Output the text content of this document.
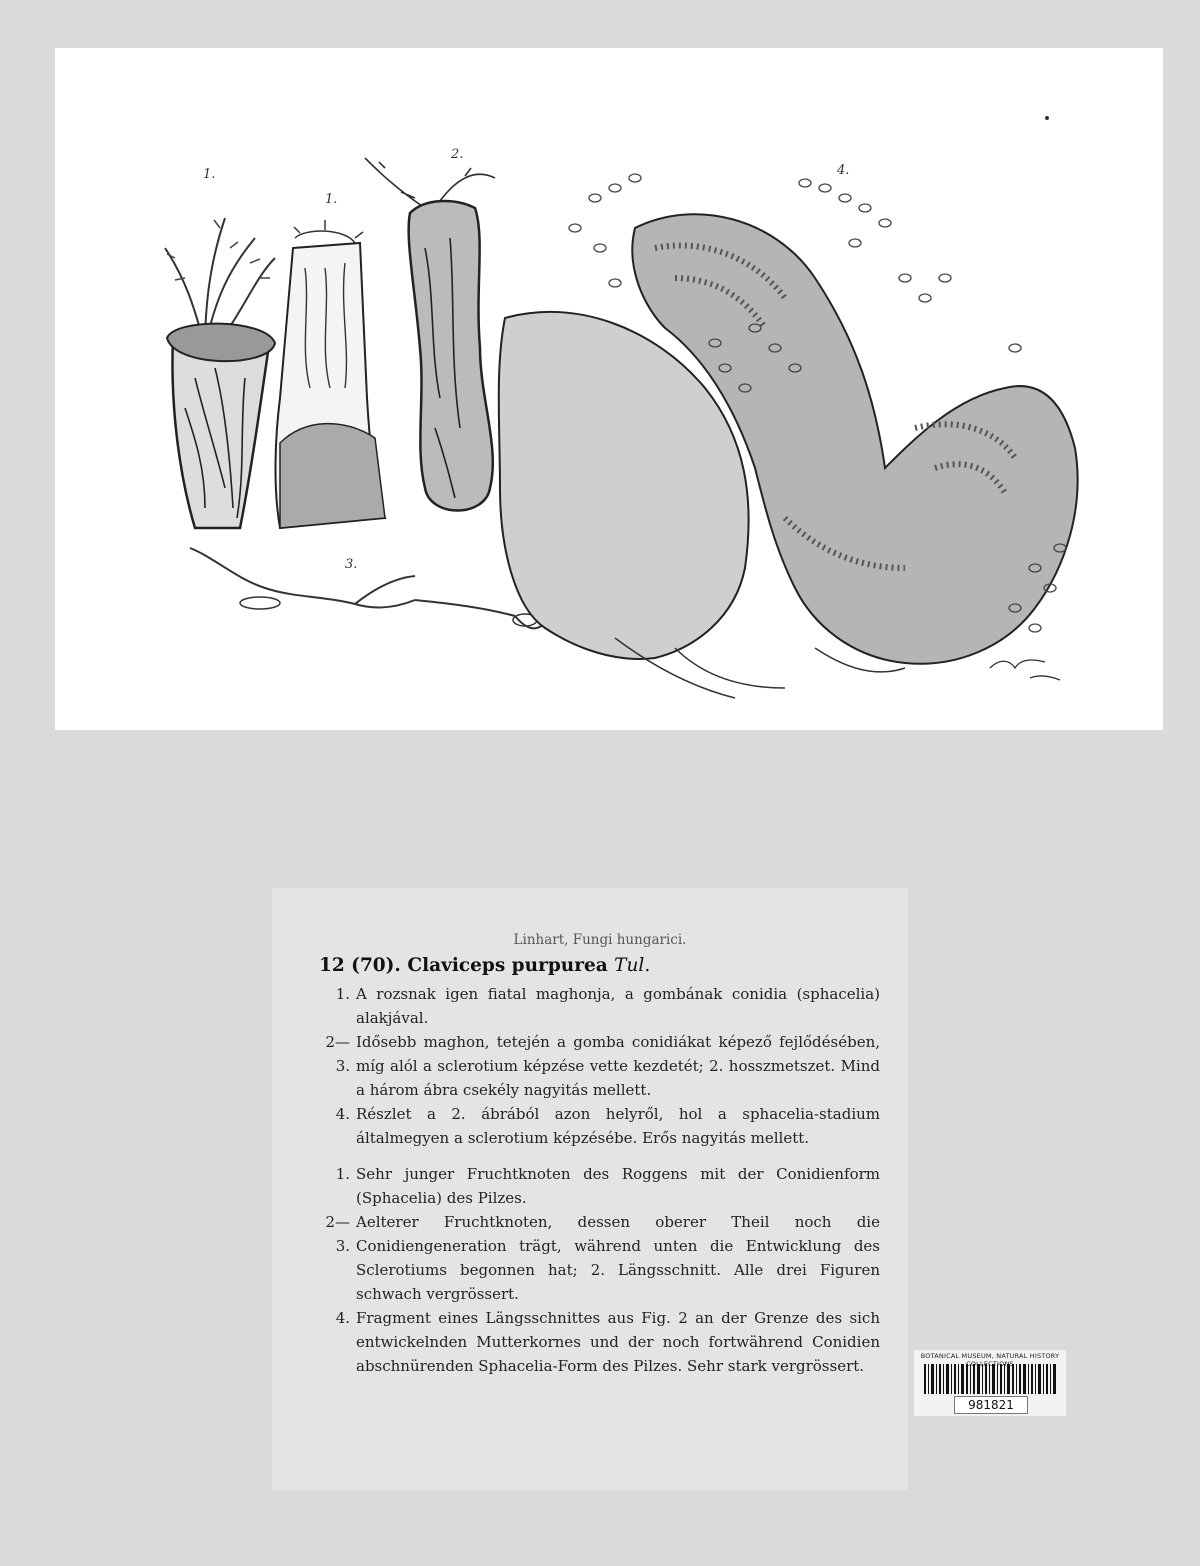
1.
1.
2.
3.
4.

Linhart, Fungi hungarici.

12 (70). Claviceps purpurea Tul.

1. A rozsnak igen fiatal maghonja, a gombának conidia (sphacelia) alakjával.
2—3.
Idősebb maghon, tetején a gomba conidiákat képező fejlődésében, míg alól a sclerotium képzése vette kezdetét; 2. hosszmetszet. Mind a három ábra csekély nagyitás mellett.
4. Részlet a 2. ábrából azon helyről, hol a sphacelia-stadium általmegyen a sclerotium képzésébe. Erős nagyitás mellett.
1. Sehr junger Fruchtknoten des Roggens mit der Conidienform (Sphacelia) des Pilzes.
2—3.
Aelterer Fruchtknoten, dessen oberer Theil noch die Conidiengeneration trägt, während unten die Entwicklung des Sclerotiums begonnen hat; 2. Längsschnitt. Alle drei Figuren schwach vergrössert.
4. Fragment eines Längsschnittes aus Fig. 2 an der Grenze des sich entwickelnden Mutterkornes und der noch fortwährend Conidien abschnürenden Sphacelia-Form des Pilzes. Sehr stark vergrössert.
BOTANICAL MUSEUM, NATURAL HISTORY
981821
